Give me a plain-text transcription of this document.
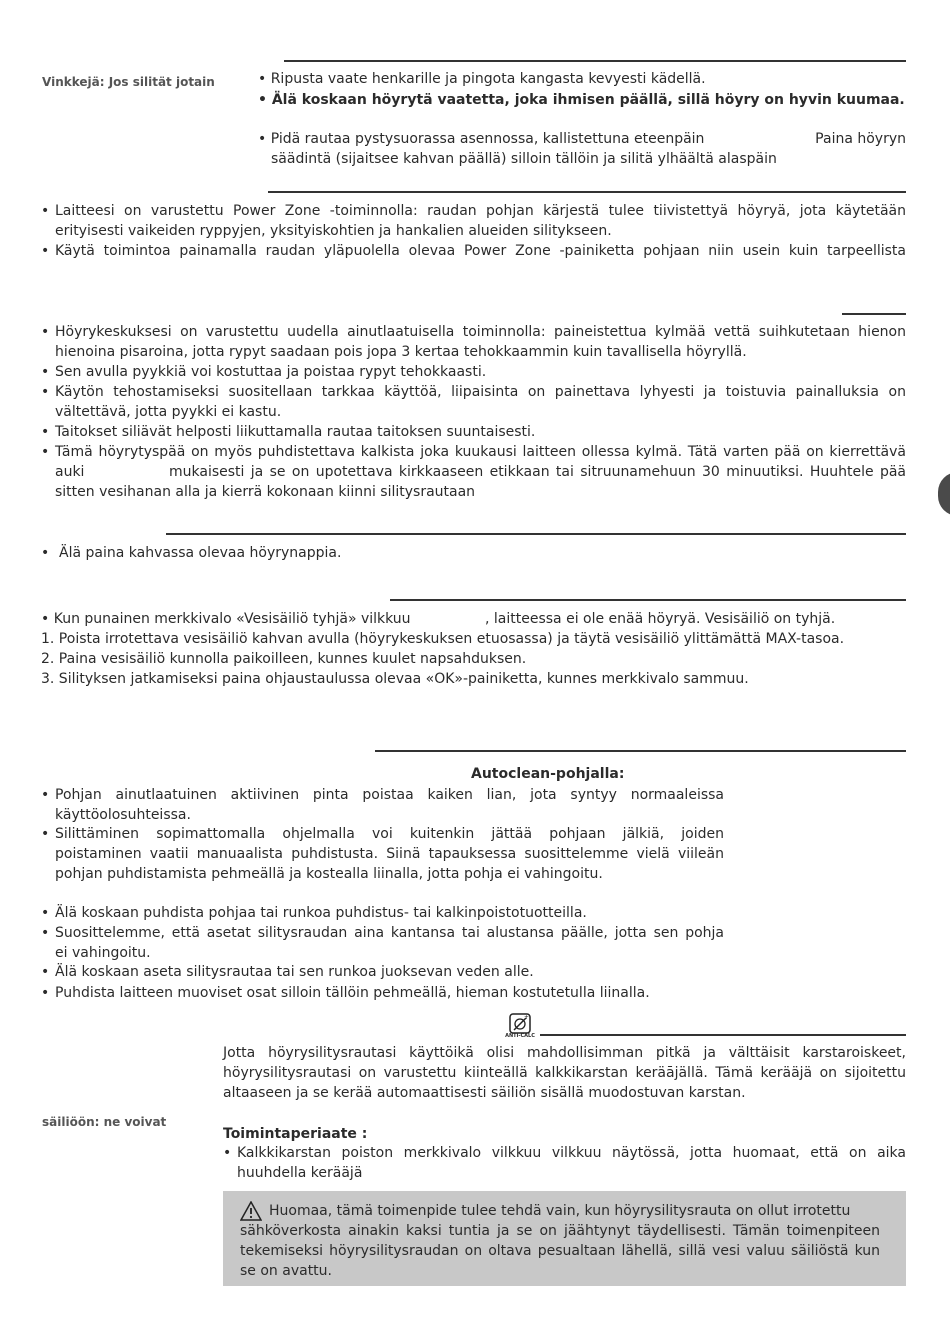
Vinkkejä: Jos silität jotain
säiliöön: ne voivat
• Ripusta vaate henkarille ja pingota kangasta kevyesti kädellä.
• Älä koskaan höyrytä vaatetta, joka ihmisen päällä, sillä höyry on hyvin kuumaa.
• Pidä rautaa pystysuorassa asennossa, kallistettuna eteenpäin	Paina höyryn
säädintä (sijaitsee kahvan päällä) silloin tällöin ja silitä ylhäältä alaspäin
• Laitteesi on varustettu Power Zone -toiminnolla: raudan pohjan kärjestä tulee tiivistettyä höyryä, jota käytetään
erityisesti vaikeiden ryppyjen, yksityiskohtien ja hankalien alueiden silitykseen.
• Käytä toimintoa painamalla raudan yläpuolella olevaa Power Zone -painiketta pohjaan niin usein kuin tarpeellista
• Höyrykeskuksesi on varustettu uudella ainutlaatuisella toiminnolla: paineistettua kylmää vettä suihkutetaan hienon
hienoina pisaroina, jotta rypyt saadaan pois jopa 3 kertaa tehokkaammin kuin tavallisella höyryllä.
• Sen avulla pyykkiä voi kostuttaa ja poistaa rypyt tehokkaasti.
• Käytön tehostamiseksi suositellaan tarkkaa käyttöä, liipaisinta on painettava lyhyesti ja toistuvia painalluksia on
vältettävä, jotta pyykki ei kastu.
• Taitokset siliävät helposti liikuttamalla rautaa taitoksen suuntaisesti.
• Tämä höyrytyspää on myös puhdistettava kalkista joka kuukausi laitteen ollessa kylmä. Tätä varten pää on kierrettävä
auki	mukaisesti ja se on upotettava kirkkaaseen etikkaan tai sitruunamehuun 30 minuutiksi. Huuhtele pää
sitten vesihanan alla ja kierrä kokonaan kiinni silitysrautaan
• Älä paina kahvassa olevaa höyrynappia.
• Kun punainen merkkivalo «Vesisäiliö tyhjä» vilkkuu	, laitteessa ei ole enää höyryä. Vesisäiliö on tyhjä.
1. Poista irrotettava vesisäiliö kahvan avulla (höyrykeskuksen etuosassa) ja täytä vesisäiliö ylittämättä MAX-tasoa.
2. Paina vesisäiliö kunnolla paikoilleen, kunnes kuulet napsahduksen.
3. Silityksen jatkamiseksi paina ohjaustaulussa olevaa «OK»-painiketta, kunnes merkkivalo sammuu.
Autoclean-pohjalla:
• Pohjan ainutlaatuinen aktiivinen pinta poistaa kaiken lian, jota syntyy normaaleissa
käyttöolosuhteissa.
• Silittäminen sopimattomalla ohjelmalla voi kuitenkin jättää pohjaan jälkiä, joiden
poistaminen vaatii manuaalista puhdistusta. Siinä tapauksessa suosittelemme vielä viileän
pohjan puhdistamista pehmeällä ja kostealla liinalla, jotta pohja ei vahingoitu.
• Älä koskaan puhdista pohjaa tai runkoa puhdistus- tai kalkinpoistotuotteilla.
• Suosittelemme, että asetat silitysraudan aina kantansa tai alustansa päälle, jotta sen pohja
ei vahingoitu.
• Älä koskaan aseta silitysrautaa tai sen runkoa juoksevan veden alle.
• Puhdista laitteen muoviset osat silloin tällöin pehmeällä, hieman kostutetulla liinalla.
+
ANTI-CALC
Jotta höyrysilitysrautasi käyttöikä olisi mahdollisimman pitkä ja välttäisit karstaroiskeet,
höyrysilitysrautasi on varustettu kiinteällä kalkkikarstan keräājällä. Tämä kerääjä on sijoitettu
altaaseen ja se kerää automaattisesti säiliön sisällä muodostuvan karstan.
Toimintaperiaate :
• Kalkkikarstan poiston merkkivalo vilkkuu vilkkuu näytössä, jotta huomaat, että on aika
huuhdella kerääjä
Huomaa, tämä toimenpide tulee tehdä vain, kun höyrysilitysrauta on ollut irrotettu
sähköverkosta ainakin kaksi tuntia ja se on jäähtynyt täydellisesti. Tämän toimenpiteen
tekemiseksi höyrysilitysraudan on oltava pesualtaan lähellä, sillä vesi valuu säiliöstä kun
se on avattu.
